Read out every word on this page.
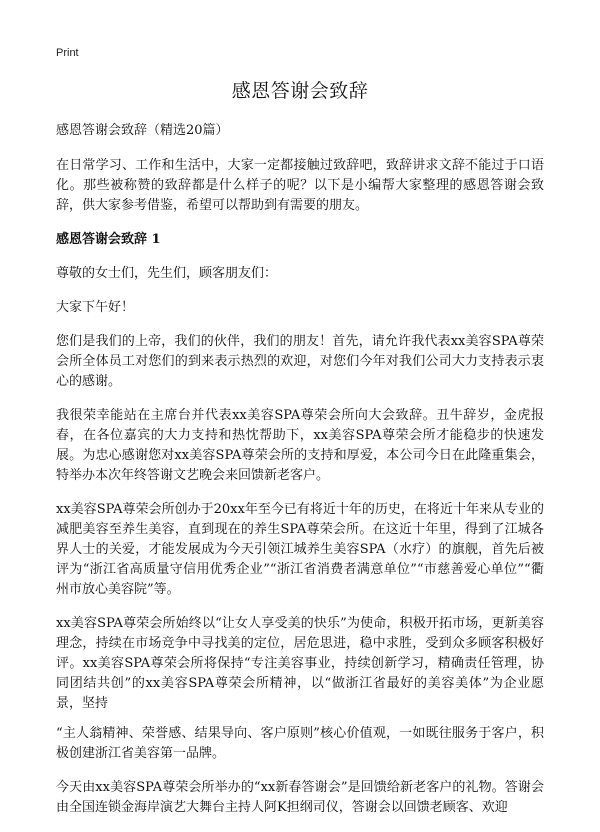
Print
感恩答谢会致辞

感恩答谢会致辞（精选20篇）

在日常学习、工作和生活中，大家一定都接触过致辞吧，致辞讲求文辞不能过于口语化。那些被称赞的致辞都是什么样子的呢？以下是小编帮大家整理的感恩答谢会致辞，供大家参考借鉴，希望可以帮助到有需要的朋友。

感恩答谢会致辞 1

尊敬的女士们，先生们，顾客朋友们：

大家下午好！

您们是我们的上帝，我们的伙伴，我们的朋友！首先，请允许我代表xx美容SPA尊荣会所全体员工对您们的到来表示热烈的欢迎，对您们今年对我们公司大力支持表示衷心的感谢。

我很荣幸能站在主席台并代表xx美容SPA尊荣会所向大会致辞。丑牛辞岁，金虎报春，在各位嘉宾的大力支持和热忱帮助下，xx美容SPA尊荣会所才能稳步的快速发展。为忠心感谢您对xx美容SPA尊荣会所的支持和厚爱，本公司今日在此隆重集会，特举办本次年终答谢文艺晚会来回馈新老客户。

xx美容SPA尊荣会所创办于20xx年至今已有将近十年的历史，在将近十年来从专业的减肥美容至养生美容，直到现在的养生SPA尊荣会所。在这近十年里，得到了江城各界人士的关爱，才能发展成为今天引领江城养生美容SPA（水疗）的旗舰，首先后被评为“浙江省高质量守信用优秀企业”“浙江省消费者满意单位”“市慈善爱心单位”“衢州市放心美容院”等。

xx美容SPA尊荣会所始终以“让女人享受美的快乐”为使命，积极开拓市场，更新美容理念，持续在市场竞争中寻找美的定位，居危思进，稳中求胜，受到众多顾客积极好评。xx美容SPA尊荣会所将保持“专注美容事业，持续创新学习，精确责任管理，协同团结共创”的xx美容SPA尊荣会所精神，以“做浙江省最好的美容美体”为企业愿景，坚持

“主人翁精神、荣誉感、结果导向、客户原则”核心价值观，一如既往服务于客户，积极创建浙江省美容第一品牌。

今天由xx美容SPA尊荣会所举办的“xx新春答谢会”是回馈给新老客户的礼物。答谢会由全国连锁金海岸演艺大舞台主持人阿K担纲司仪，答谢会以回馈老顾客、欢迎
